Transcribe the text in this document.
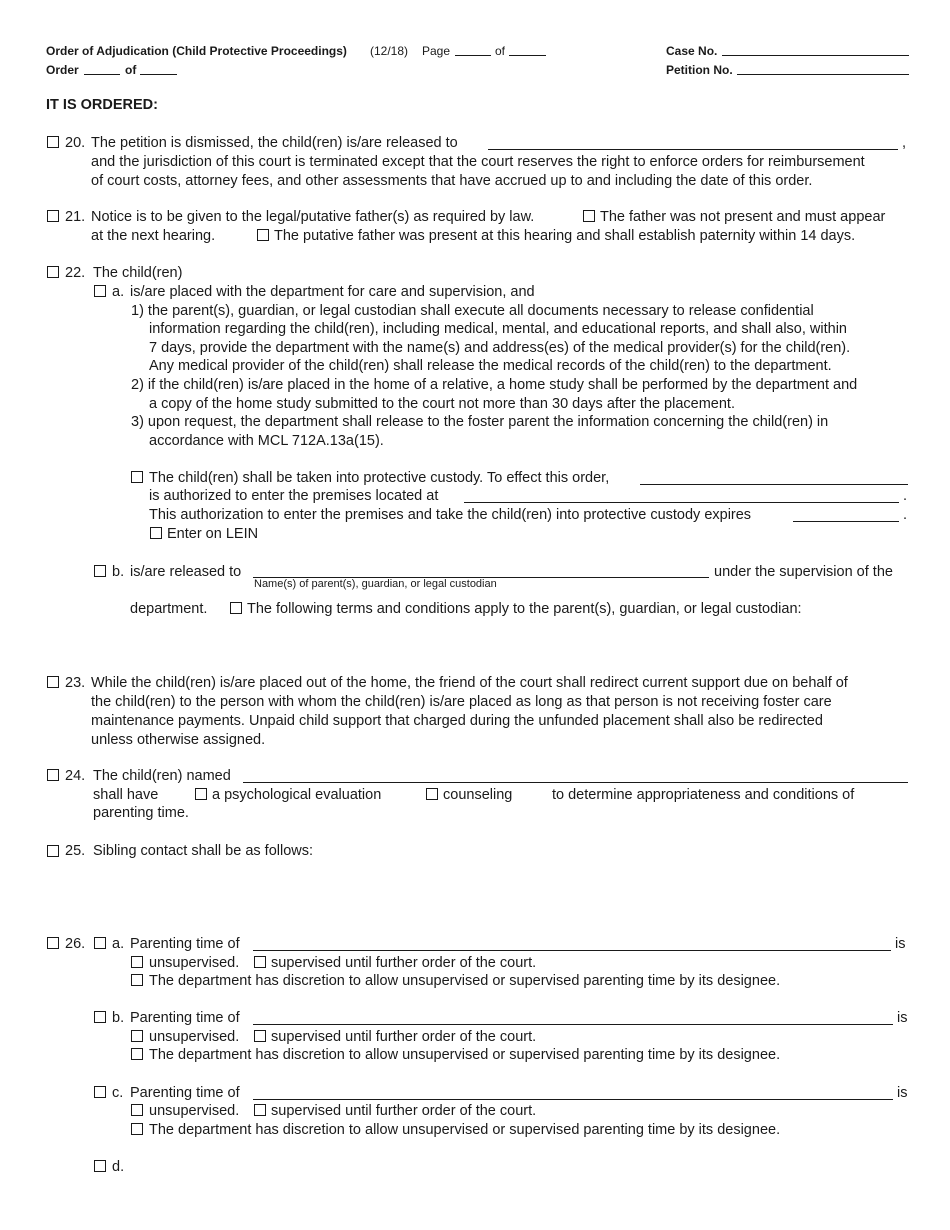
Order of Adjudication (Child Protective Proceedings) (12/18) Page	of
Order	of
Case No.
Petition No.
IT IS ORDERED:
20. The petition is dismissed, the child(ren) is/are released to	,
and the jurisdiction of this court is terminated except that the court reserves the right to enforce orders for reimbursement
of court costs, attorney fees, and other assessments that have accrued up to and including the date of this order.
21. Notice is to be given to the legal/putative father(s) as required by law.	The father was not present and must appear
at the next hearing.	The putative father was present at this hearing and shall establish paternity within 14 days.
22. The child(ren)
a. is/are placed with the department for care and supervision, and
1) the parent(s), guardian, or legal custodian shall execute all documents necessary to release confidential
information regarding the child(ren), including medical, mental, and educational reports, and shall also, within
7 days, provide the department with the name(s) and address(es) of the medical provider(s) for the child(ren).
Any medical provider of the child(ren) shall release the medical records of the child(ren) to the department.
2) if the child(ren) is/are placed in the home of a relative, a home study shall be performed by the department and
a copy of the home study submitted to the court not more than 30 days after the placement.
3) upon request, the department shall release to the foster parent the information concerning the child(ren) in
accordance with MCL 712A.13a(15).
The child(ren) shall be taken into protective custody. To effect this order,
is authorized to enter the premises located at	.
This authorization to enter the premises and take the child(ren) into protective custody expires	.
Enter on LEIN
b. is/are released to
Name(s) of parent(s), guardian, or legal custodian
under the supervision of the
department.	The following terms and conditions apply to the parent(s), guardian, or legal custodian:
23. While the child(ren) is/are placed out of the home, the friend of the court shall redirect current support due on behalf of
the child(ren) to the person with whom the child(ren) is/are placed as long as that person is not receiving foster care
maintenance payments. Unpaid child support that charged during the unfunded placement shall also be redirected
unless otherwise assigned.
24. The child(ren) named
shall have	a psychological evaluation	counseling	to determine appropriateness and conditions of
parenting time.
25. Sibling contact shall be as follows:
26. a. Parenting time of	is
unsupervised. supervised until further order of the court.
The department has discretion to allow unsupervised or supervised parenting time by its designee.
b. Parenting time of	is
unsupervised. supervised until further order of the court.
The department has discretion to allow unsupervised or supervised parenting time by its designee.
c. Parenting time of	is
unsupervised. supervised until further order of the court.
The department has discretion to allow unsupervised or supervised parenting time by its designee.
d.
